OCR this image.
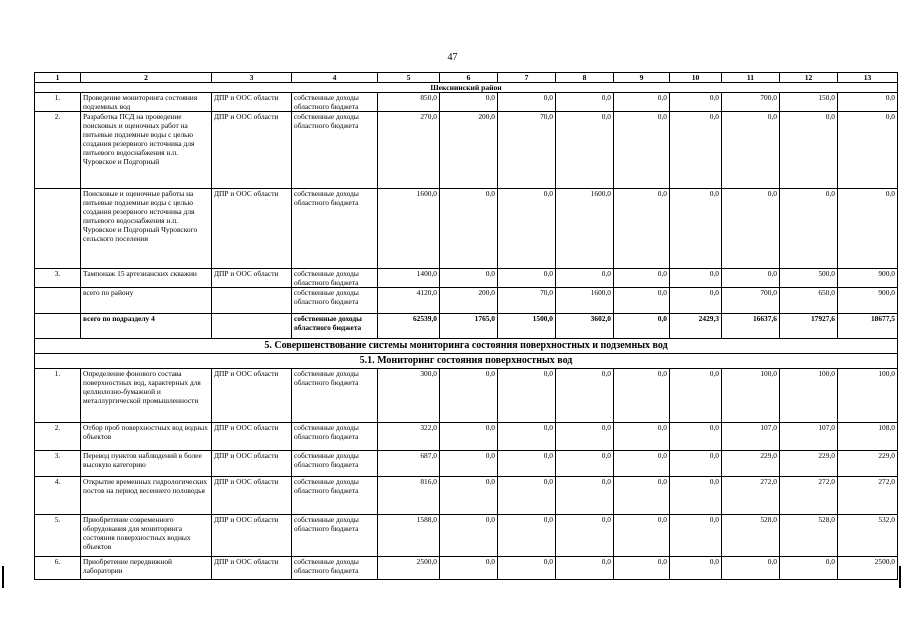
47
1	2	3	4	5	6	7	8	9	10	11	12	13
Шекснинский район												
1.	Проведение мониторинга состояния подземных вод	ДПР и ООС области	собственные доходы областного бюджета	850,0	0,0	0,0	0,0	0,0	0,0	700,0	150,0	0,0
2.	Разработка ПСД на проведение поисковых и оценочных работ на питьевые подземные воды с целью создания резервного источника для питьевого водоснабжения н.п. Чуровское и Подгорный	ДПР и ООС области	собственные доходы областного бюджета	270,0	200,0	70,0	0,0	0,0	0,0	0,0	0,0	0,0
	Поисковые и оценочные работы на питьевые подземные воды с целью создания резервного источника для питьевого водоснабжения н.п. Чуровское и Подгорный Чуровского сельского поселения	ДПР и ООС области	собственные доходы областного бюджета	1600,0	0,0	0,0	1600,0	0,0	0,0	0,0	0,0	0,0
3.	Тампонаж 15 артезианских скважин	ДПР и ООС области	собственные доходы областного бюджета	1400,0	0,0	0,0	0,0	0,0	0,0	0,0	500,0	900,0
	всего по району		собственные доходы областного бюджета	4120,0	200,0	70,0	1600,0	0,0	0,0	700,0	650,0	900,0
	всего по подразделу 4		собственные доходы областного бюджета	62539,0	1765,0	1500,0	3602,0	0,0	2429,3	16637,6	17927,6	18677,5
5. Совершенствование системы мониторинга состояния поверхностных и подземных вод												
5.1. Мониторинг состояния поверхностных вод												
1.	Определение фонового состава поверхностных вод, характерных для целлюлозно-бумажной и металлургической промышленности	ДПР и ООС области	собственные доходы областного бюджета	300,0	0,0	0,0	0,0	0,0	0,0	100,0	100,0	100,0
2.	Отбор проб поверхностных вод водных объектов	ДПР и ООС области	собственные доходы областного бюджета	322,0	0,0	0,0	0,0	0,0	0,0	107,0	107,0	108,0
3.	Перевод пунктов наблюдений в более высокую категорию	ДПР и ООС области	собственные доходы областного бюджета	687,0	0,0	0,0	0,0	0,0	0,0	229,0	229,0	229,0
4.	Открытие временных гидрологических постов на период весеннего половодья	ДПР и ООС области	собственные доходы областного бюджета	816,0	0,0	0,0	0,0	0,0	0,0	272,0	272,0	272,0
5.	Приобретение современного оборудования для мониторинга состояния поверхностных водных объектов	ДПР и ООС области	собственные доходы областного бюджета	1588,0	0,0	0,0	0,0	0,0	0,0	528,0	528,0	532,0
6.	Приобретение передвижной лаборатории	ДПР и ООС области	собственные доходы областного бюджета	2500,0	0,0	0,0	0,0	0,0	0,0	0,0	0,0	2500,0
